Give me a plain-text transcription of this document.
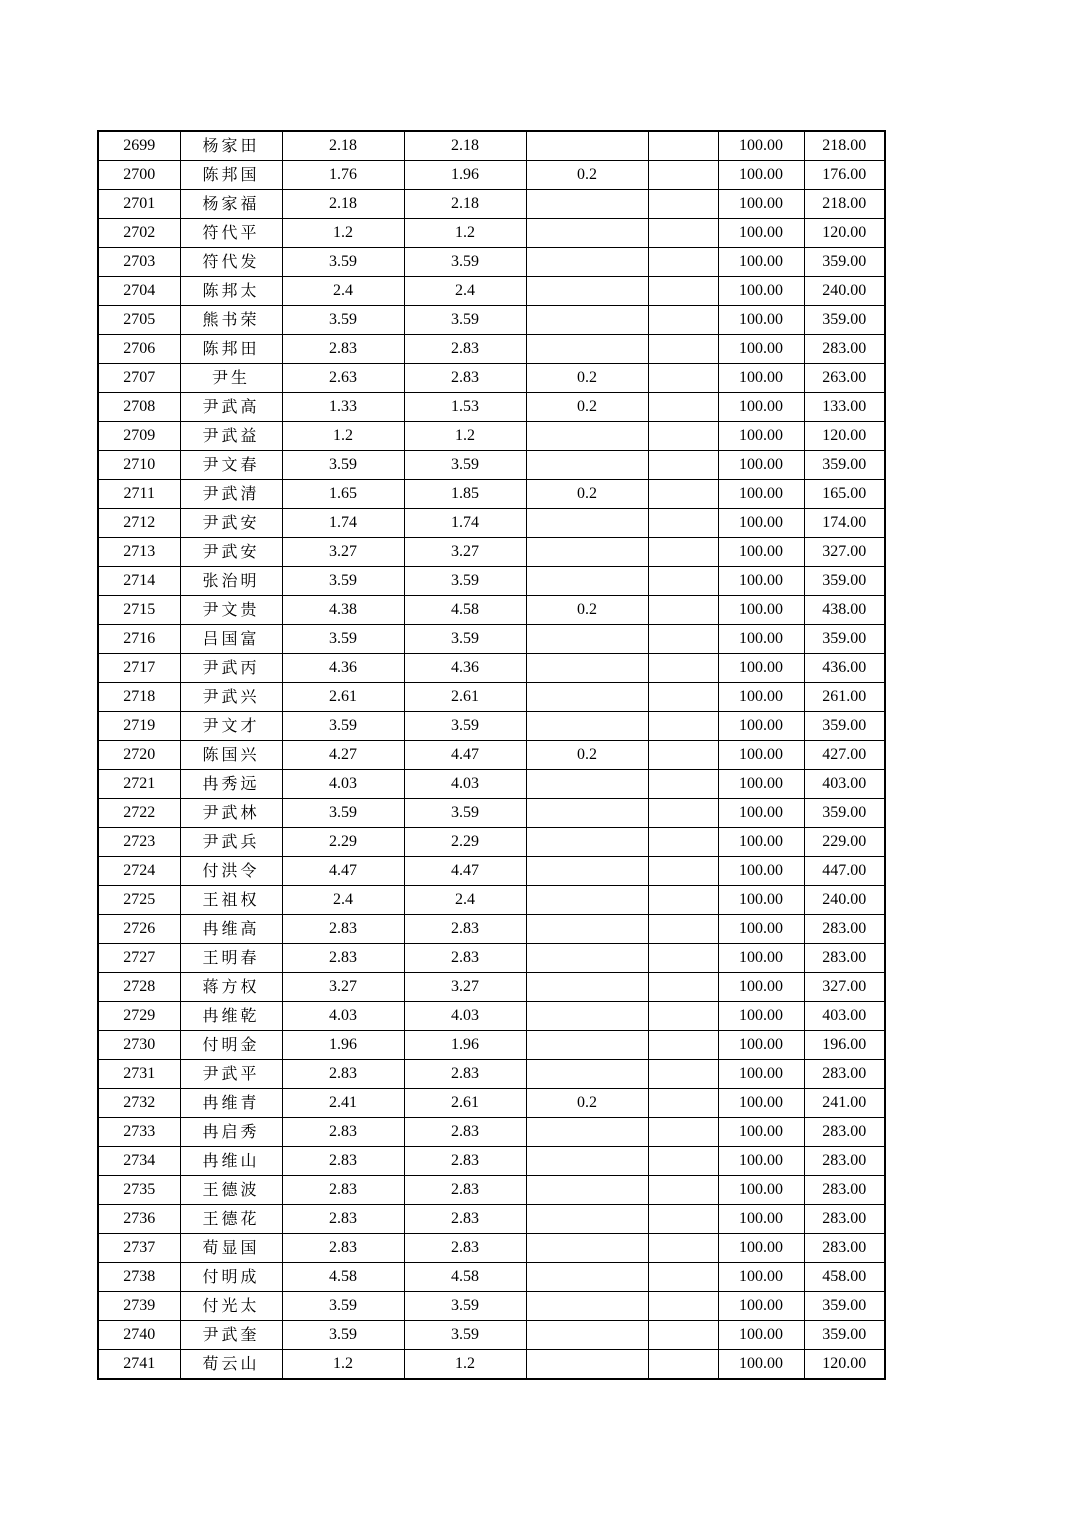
2699	杨家田	2.18	2.18			100.00	218.00
2700	陈邦国	1.76	1.96	0.2		100.00	176.00
2701	杨家福	2.18	2.18			100.00	218.00
2702	符代平	1.2	1.2			100.00	120.00
2703	符代发	3.59	3.59			100.00	359.00
2704	陈邦太	2.4	2.4			100.00	240.00
2705	熊书荣	3.59	3.59			100.00	359.00
2706	陈邦田	2.83	2.83			100.00	283.00
2707	尹生	2.63	2.83	0.2		100.00	263.00
2708	尹武高	1.33	1.53	0.2		100.00	133.00
2709	尹武益	1.2	1.2			100.00	120.00
2710	尹文春	3.59	3.59			100.00	359.00
2711	尹武清	1.65	1.85	0.2		100.00	165.00
2712	尹武安	1.74	1.74			100.00	174.00
2713	尹武安	3.27	3.27			100.00	327.00
2714	张治明	3.59	3.59			100.00	359.00
2715	尹文贵	4.38	4.58	0.2		100.00	438.00
2716	吕国富	3.59	3.59			100.00	359.00
2717	尹武丙	4.36	4.36			100.00	436.00
2718	尹武兴	2.61	2.61			100.00	261.00
2719	尹文才	3.59	3.59			100.00	359.00
2720	陈国兴	4.27	4.47	0.2		100.00	427.00
2721	冉秀远	4.03	4.03			100.00	403.00
2722	尹武林	3.59	3.59			100.00	359.00
2723	尹武兵	2.29	2.29			100.00	229.00
2724	付洪令	4.47	4.47			100.00	447.00
2725	王祖权	2.4	2.4			100.00	240.00
2726	冉维高	2.83	2.83			100.00	283.00
2727	王明春	2.83	2.83			100.00	283.00
2728	蒋方权	3.27	3.27			100.00	327.00
2729	冉维乾	4.03	4.03			100.00	403.00
2730	付明金	1.96	1.96			100.00	196.00
2731	尹武平	2.83	2.83			100.00	283.00
2732	冉维青	2.41	2.61	0.2		100.00	241.00
2733	冉启秀	2.83	2.83			100.00	283.00
2734	冉维山	2.83	2.83			100.00	283.00
2735	王德波	2.83	2.83			100.00	283.00
2736	王德花	2.83	2.83			100.00	283.00
2737	荀显国	2.83	2.83			100.00	283.00
2738	付明成	4.58	4.58			100.00	458.00
2739	付光太	3.59	3.59			100.00	359.00
2740	尹武奎	3.59	3.59			100.00	359.00
2741	荀云山	1.2	1.2			100.00	120.00
